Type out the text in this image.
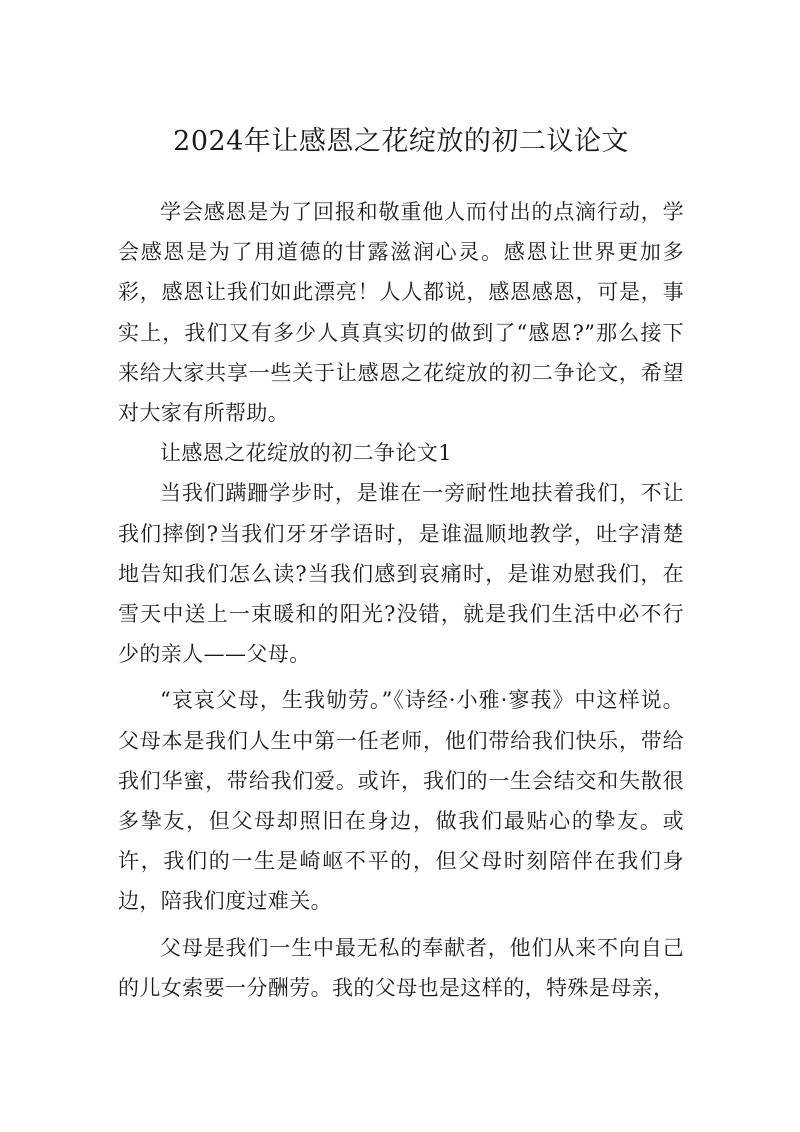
2024年让感恩之花绽放的初二议论文

学会感恩是为了回报和敬重他人而付出的点滴行动，学会感恩是为了用道德的甘露滋润心灵。感恩让世界更加多彩，感恩让我们如此漂亮！人人都说，感恩感恩，可是，事实上，我们又有多少人真真实切的做到了“感恩?”那么接下来给大家共享一些关于让感恩之花绽放的初二争论文，希望对大家有所帮助。

让感恩之花绽放的初二争论文1

当我们蹒跚学步时，是谁在一旁耐性地扶着我们，不让我们摔倒?当我们牙牙学语时，是谁温顺地教学，吐字清楚地告知我们怎么读?当我们感到哀痛时，是谁劝慰我们，在雪天中送上一束暖和的阳光?没错，就是我们生活中必不行少的亲人——父母。

“哀哀父母，生我劬劳。”《诗经·小雅·寥莪》中这样说。父母本是我们人生中第一任老师，他们带给我们快乐，带给我们华蜜，带给我们爱。或许，我们的一生会结交和失散很多挚友，但父母却照旧在身边，做我们最贴心的挚友。或许，我们的一生是崎岖不平的，但父母时刻陪伴在我们身边，陪我们度过难关。

父母是我们一生中最无私的奉献者，他们从来不向自己的儿女索要一分酬劳。我的父母也是这样的，特殊是母亲，
